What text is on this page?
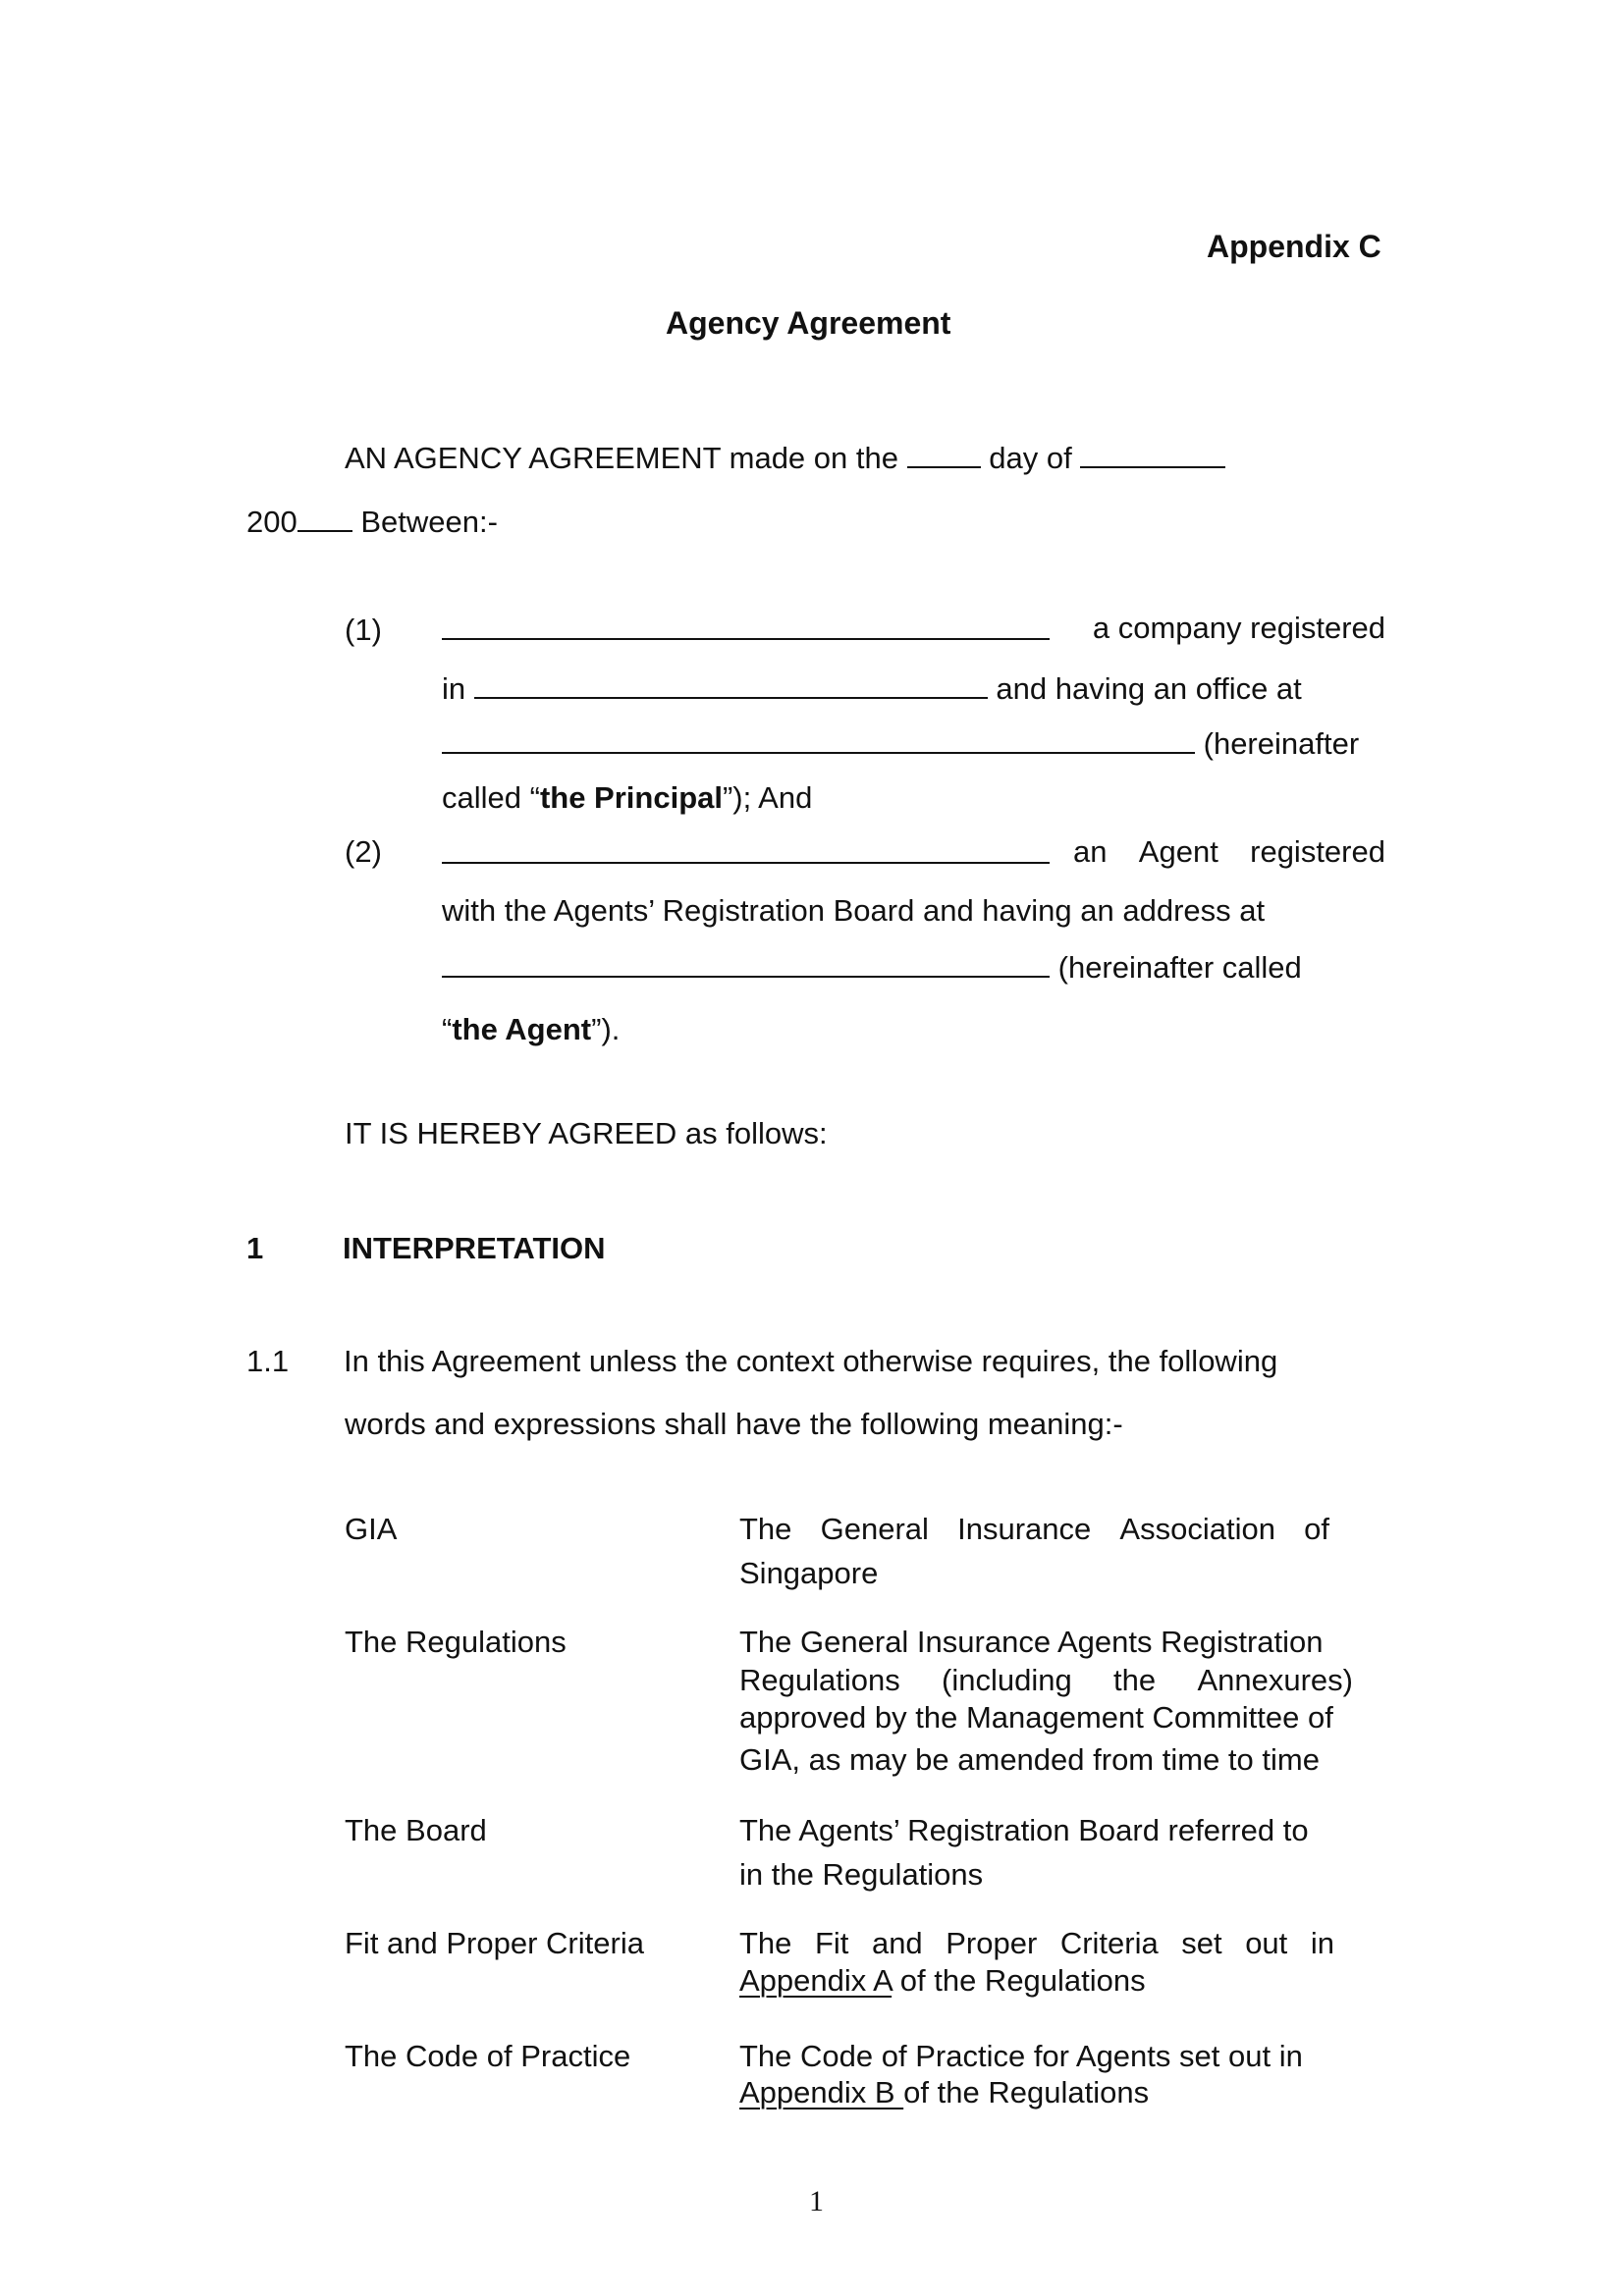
Appendix C
Agency Agreement
AN AGENCY AGREEMENT made on the	day of
200 Between:-
(1)	a company registered
in	and having an office at
(hereinafter
called “the Principal”); And
(2)	an Agent registered
with the Agents’ Registration Board and having an address at
(hereinafter called
“the Agent”).
IT IS HEREBY AGREED as follows:
1	INTERPRETATION
1.1 In this Agreement unless the context otherwise requires, the following
words and expressions shall have the following meaning:-
GIA	The General Insurance Association of
Singapore
The Regulations	The General Insurance Agents Registration
Regulations (including the Annexures)
approved by the Management Committee of
GIA, as may be amended from time to time
The Board	The Agents’ Registration Board referred to
in the Regulations
Fit and Proper Criteria	The Fit and Proper Criteria set out in
Appendix A of the Regulations
The Code of Practice	The Code of Practice for Agents set out in
Appendix B of the Regulations
1
